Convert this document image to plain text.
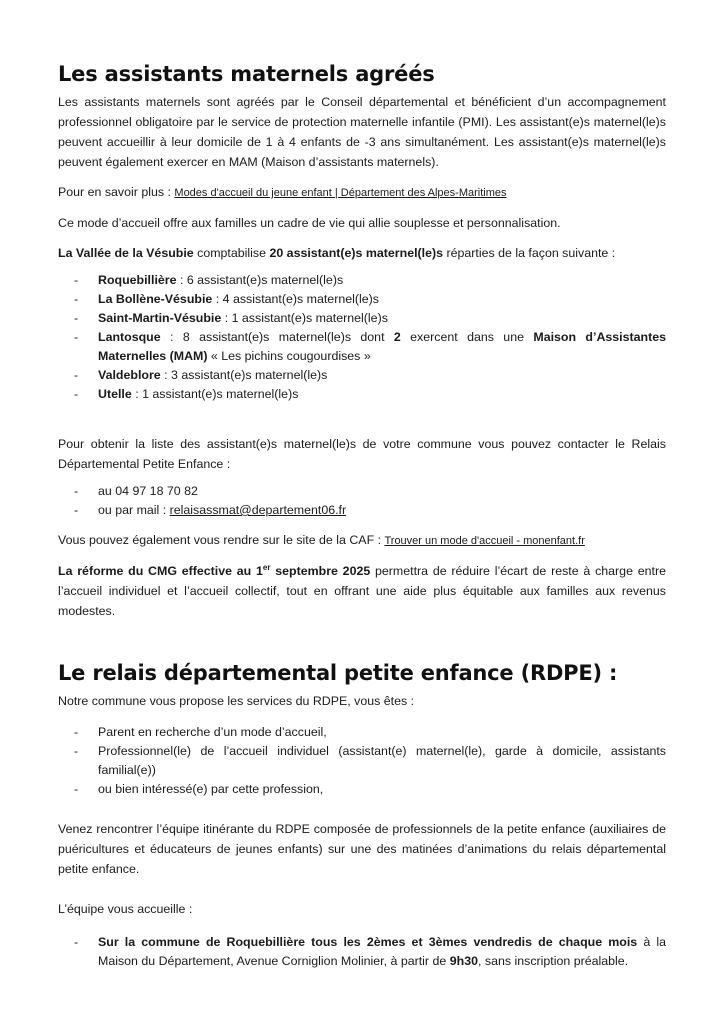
Les assistants maternels agréés

Les assistants maternels sont agréés par le Conseil départemental et bénéficient d’un accompagnement professionnel obligatoire par le service de protection maternelle infantile (PMI). Les assistant(e)s maternel(le)s peuvent accueillir à leur domicile de 1 à 4 enfants de -3 ans simultanément. Les assistant(e)s maternel(le)s peuvent également exercer en MAM (Maison d’assistants maternels).

Pour en savoir plus : Modes d'accueil du jeune enfant | Département des Alpes-Maritimes

Ce mode d’accueil offre aux familles un cadre de vie qui allie souplesse et personnalisation.

La Vallée de la Vésubie comptabilise 20 assistant(e)s maternel(le)s réparties de la façon suivante :

- Roquebillière : 6 assistant(e)s maternel(le)s
- La Bollène-Vésubie : 4 assistant(e)s maternel(le)s
- Saint-Martin-Vésubie : 1 assistant(e)s maternel(le)s
- Lantosque : 8 assistant(e)s maternel(le)s dont 2 exercent dans une Maison d’Assistantes Maternelles (MAM) « Les pichins cougourdises »
- Valdeblore : 3 assistant(e)s maternel(le)s
- Utelle : 1 assistant(e)s maternel(le)s

Pour obtenir la liste des assistant(e)s maternel(le)s de votre commune vous pouvez contacter le Relais Départemental Petite Enfance :

- au 04 97 18 70 82
- ou par mail : relaisassmat@departement06.fr

Vous pouvez également vous rendre sur le site de la CAF : Trouver un mode d'accueil - monenfant.fr

La réforme du CMG effective au 1er septembre 2025 permettra de réduire l’écart de reste à charge entre l’accueil individuel et l’accueil collectif, tout en offrant une aide plus équitable aux familles aux revenus modestes.

Le relais départemental petite enfance (RDPE) :

Notre commune vous propose les services du RDPE, vous êtes :

- Parent en recherche d’un mode d’accueil,
- Professionnel(le) de l’accueil individuel (assistant(e) maternel(le), garde à domicile, assistants familial(e))
- ou bien intéressé(e) par cette profession,

Venez rencontrer l’équipe itinérante du RDPE composée de professionnels de la petite enfance (auxiliaires de puéricultures et éducateurs de jeunes enfants) sur une des matinées d’animations du relais départemental petite enfance.

L’équipe vous accueille :

- Sur la commune de Roquebillière tous les 2èmes et 3èmes vendredis de chaque mois à la Maison du Département, Avenue Corniglion Molinier, à partir de 9h30, sans inscription préalable.
